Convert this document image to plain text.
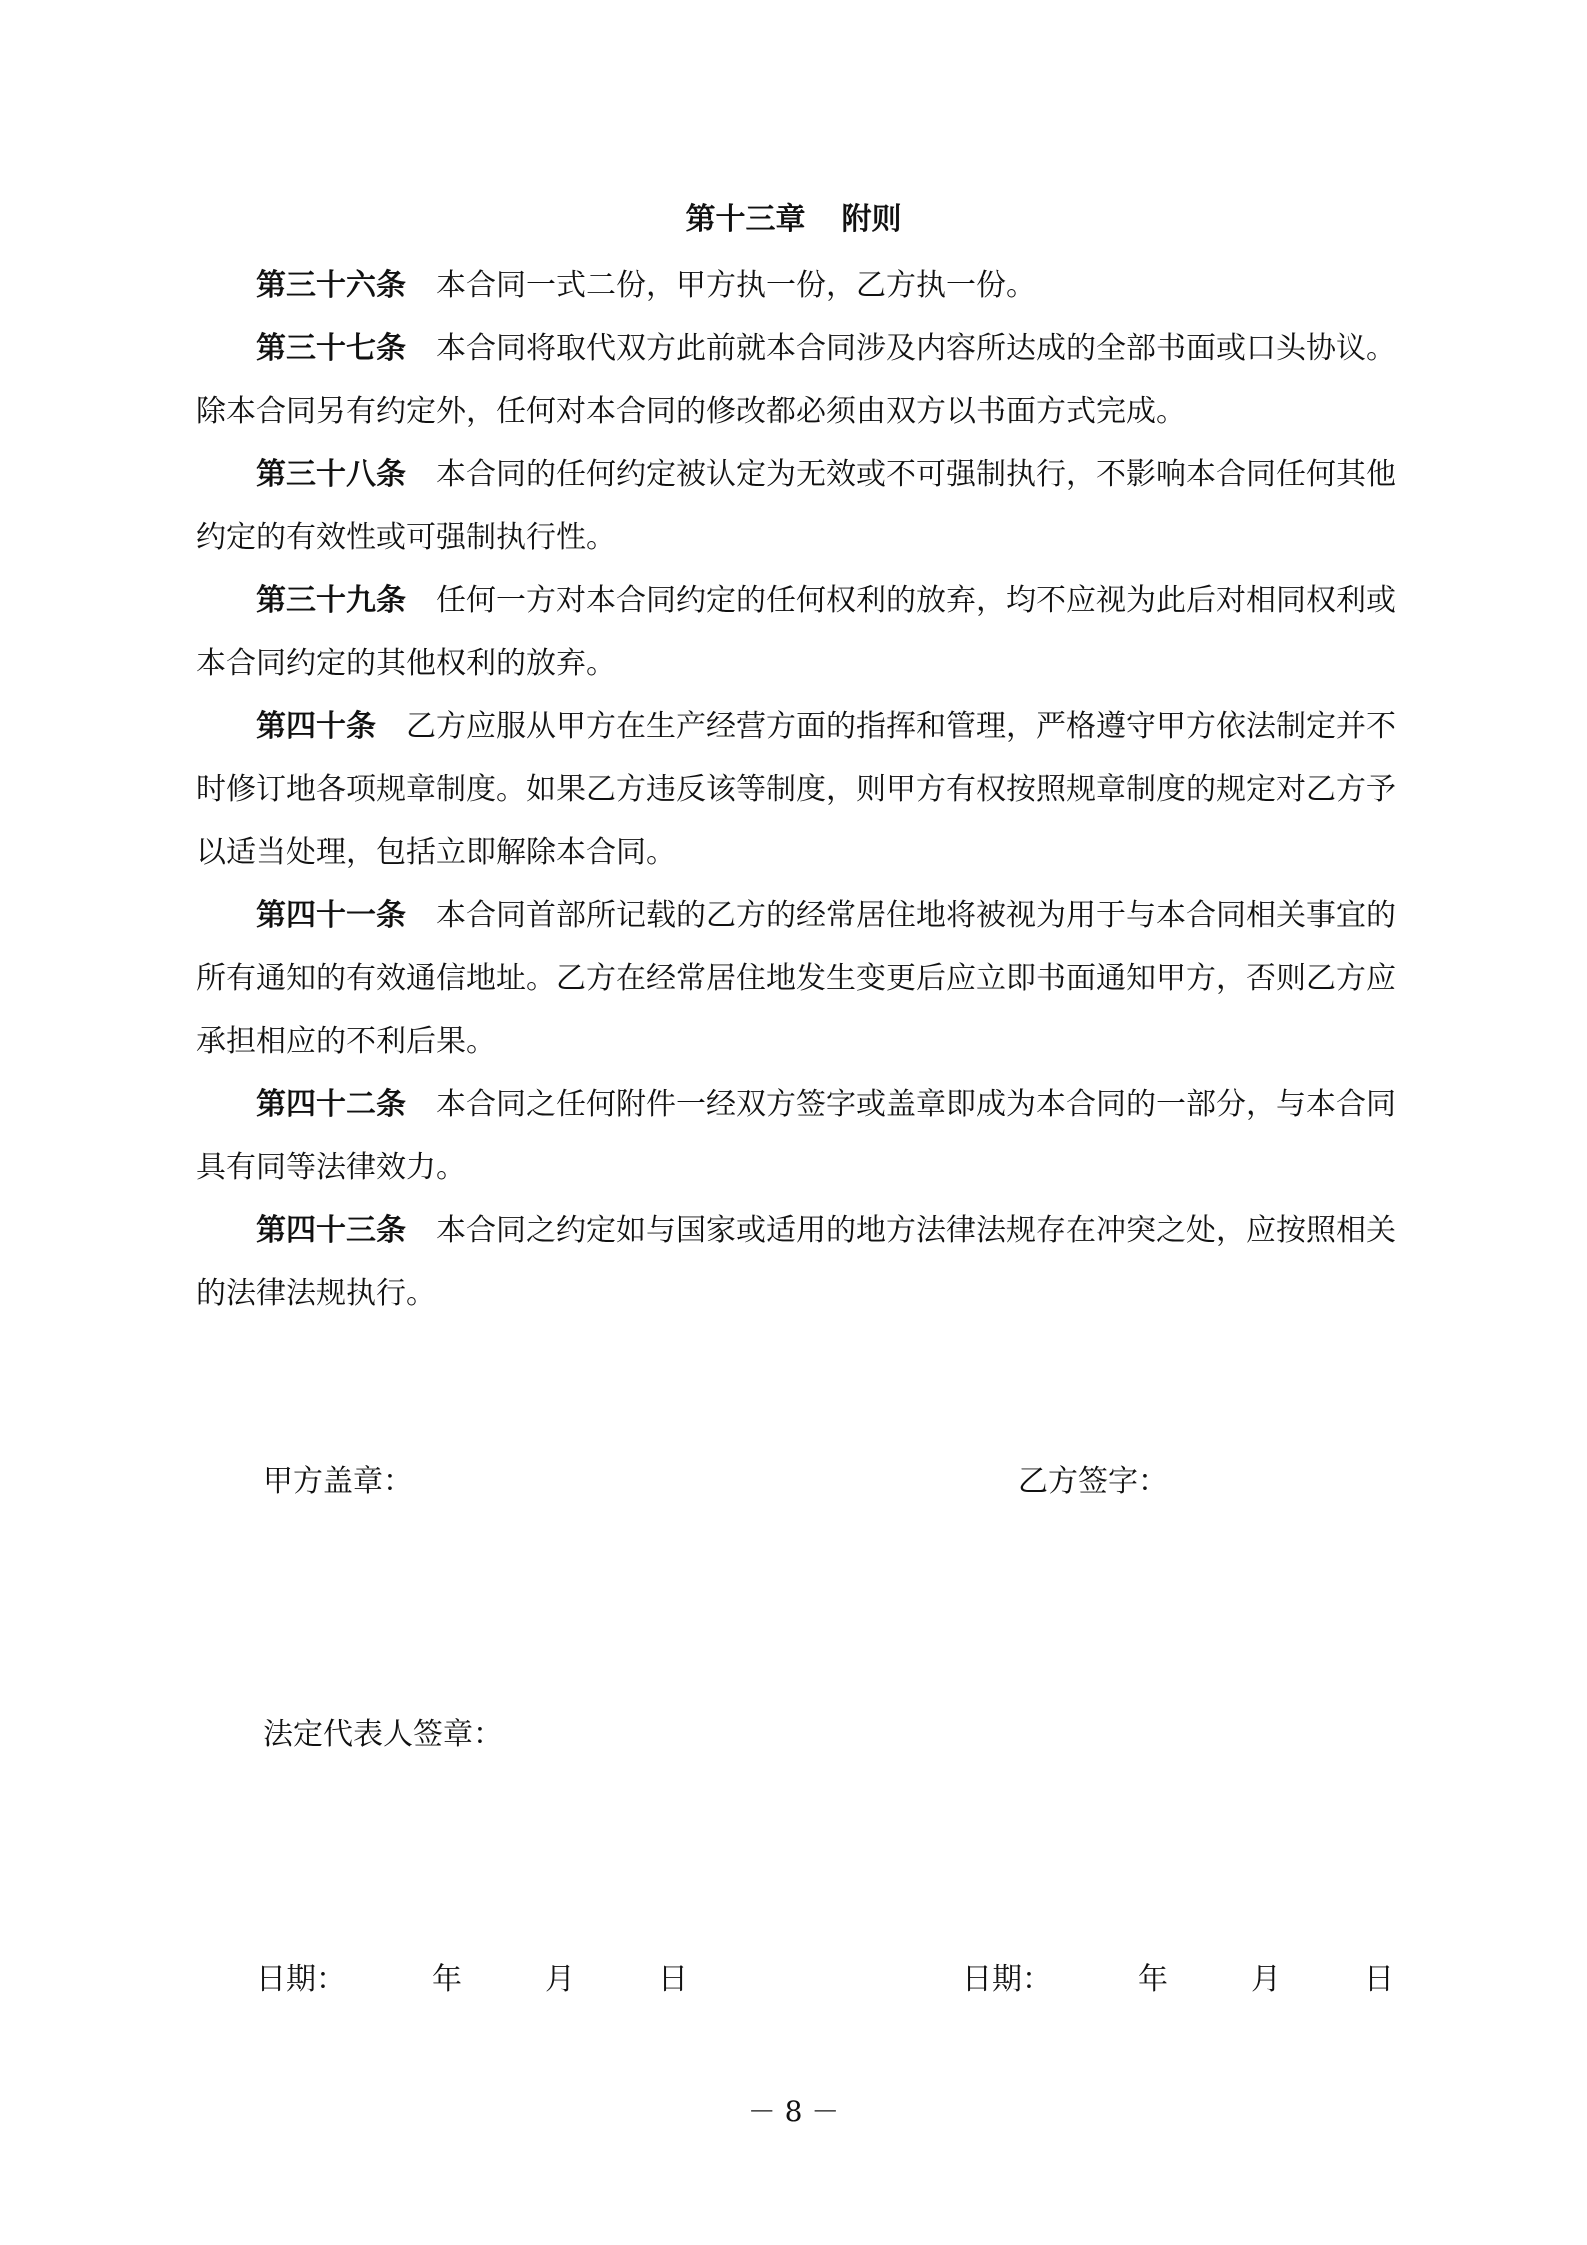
第十三章 附则

第三十六条 本合同一式二份，甲方执一份，乙方执一份。

第三十七条 本合同将取代双方此前就本合同涉及内容所达成的全部书面或口头协议。除本合同另有约定外，任何对本合同的修改都必须由双方以书面方式完成。

第三十八条 本合同的任何约定被认定为无效或不可强制执行，不影响本合同任何其他约定的有效性或可强制执行性。

第三十九条 任何一方对本合同约定的任何权利的放弃，均不应视为此后对相同权利或本合同约定的其他权利的放弃。

第四十条 乙方应服从甲方在生产经营方面的指挥和管理，严格遵守甲方依法制定并不时修订地各项规章制度。如果乙方违反该等制度，则甲方有权按照规章制度的规定对乙方予以适当处理，包括立即解除本合同。

第四十一条 本合同首部所记载的乙方的经常居住地将被视为用于与本合同相关事宜的所有通知的有效通信地址。乙方在经常居住地发生变更后应立即书面通知甲方，否则乙方应承担相应的不利后果。

第四十二条 本合同之任何附件一经双方签字或盖章即成为本合同的一部分，与本合同具有同等法律效力。

第四十三条 本合同之约定如与国家或适用的地方法律法规存在冲突之处，应按照相关的法律法规执行。

甲方盖章：	乙方签字：

法定代表人签章：

日期：	年	月	日	日期：	年	月	日
－ 8 －
